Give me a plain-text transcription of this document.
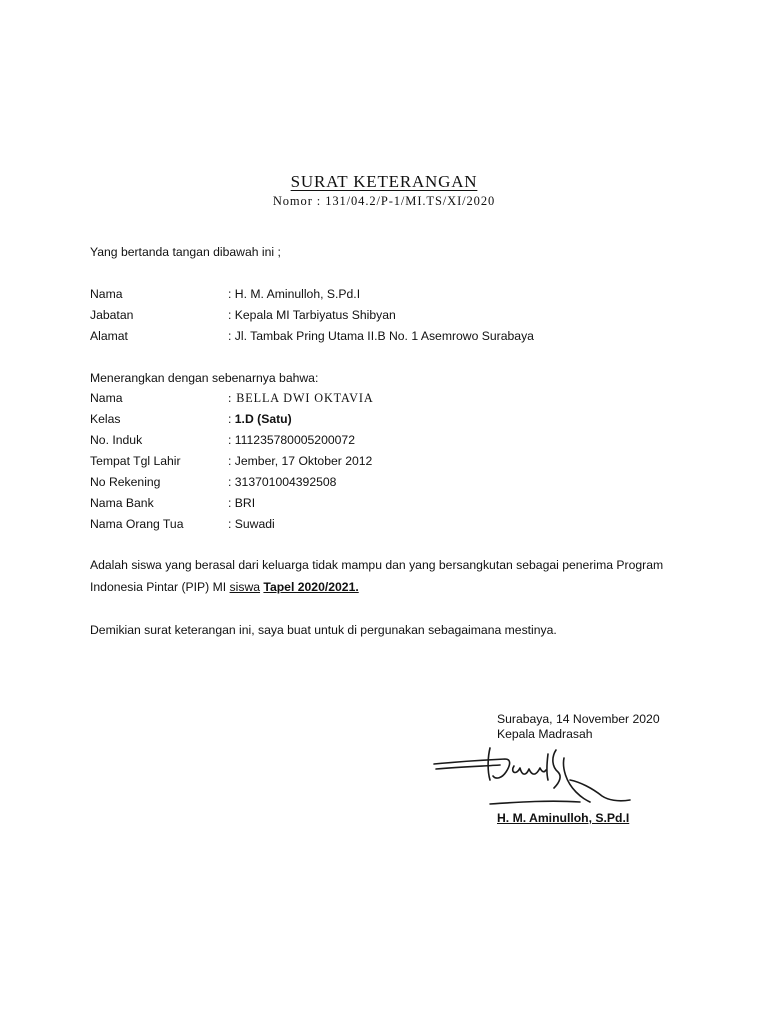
SURAT KETERANGAN
Nomor : 131/04.2/P-1/MI.TS/XI/2020
Yang bertanda tangan dibawah ini ;
Nama	: H. M. Aminulloh, S.Pd.I
Jabatan	: Kepala MI Tarbiyatus Shibyan
Alamat	: Jl. Tambak Pring Utama II.B No. 1 Asemrowo Surabaya
Menerangkan dengan sebenarnya bahwa:
Nama	: BELLA DWI OKTAVIA
Kelas	: 1.D (Satu)
No. Induk	: 111235780005200072
Tempat Tgl Lahir	: Jember, 17 Oktober 2012
No Rekening	: 313701004392508
Nama Bank	: BRI
Nama Orang Tua	: Suwadi
Adalah siswa yang berasal dari keluarga tidak mampu dan yang bersangkutan sebagai penerima Program Indonesia Pintar (PIP) MI siswa Tapel 2020/2021.
Demikian surat keterangan ini, saya buat untuk di pergunakan sebagaimana mestinya.
Surabaya, 14 November 2020
Kepala Madrasah
H. M. Aminulloh, S.Pd.I
